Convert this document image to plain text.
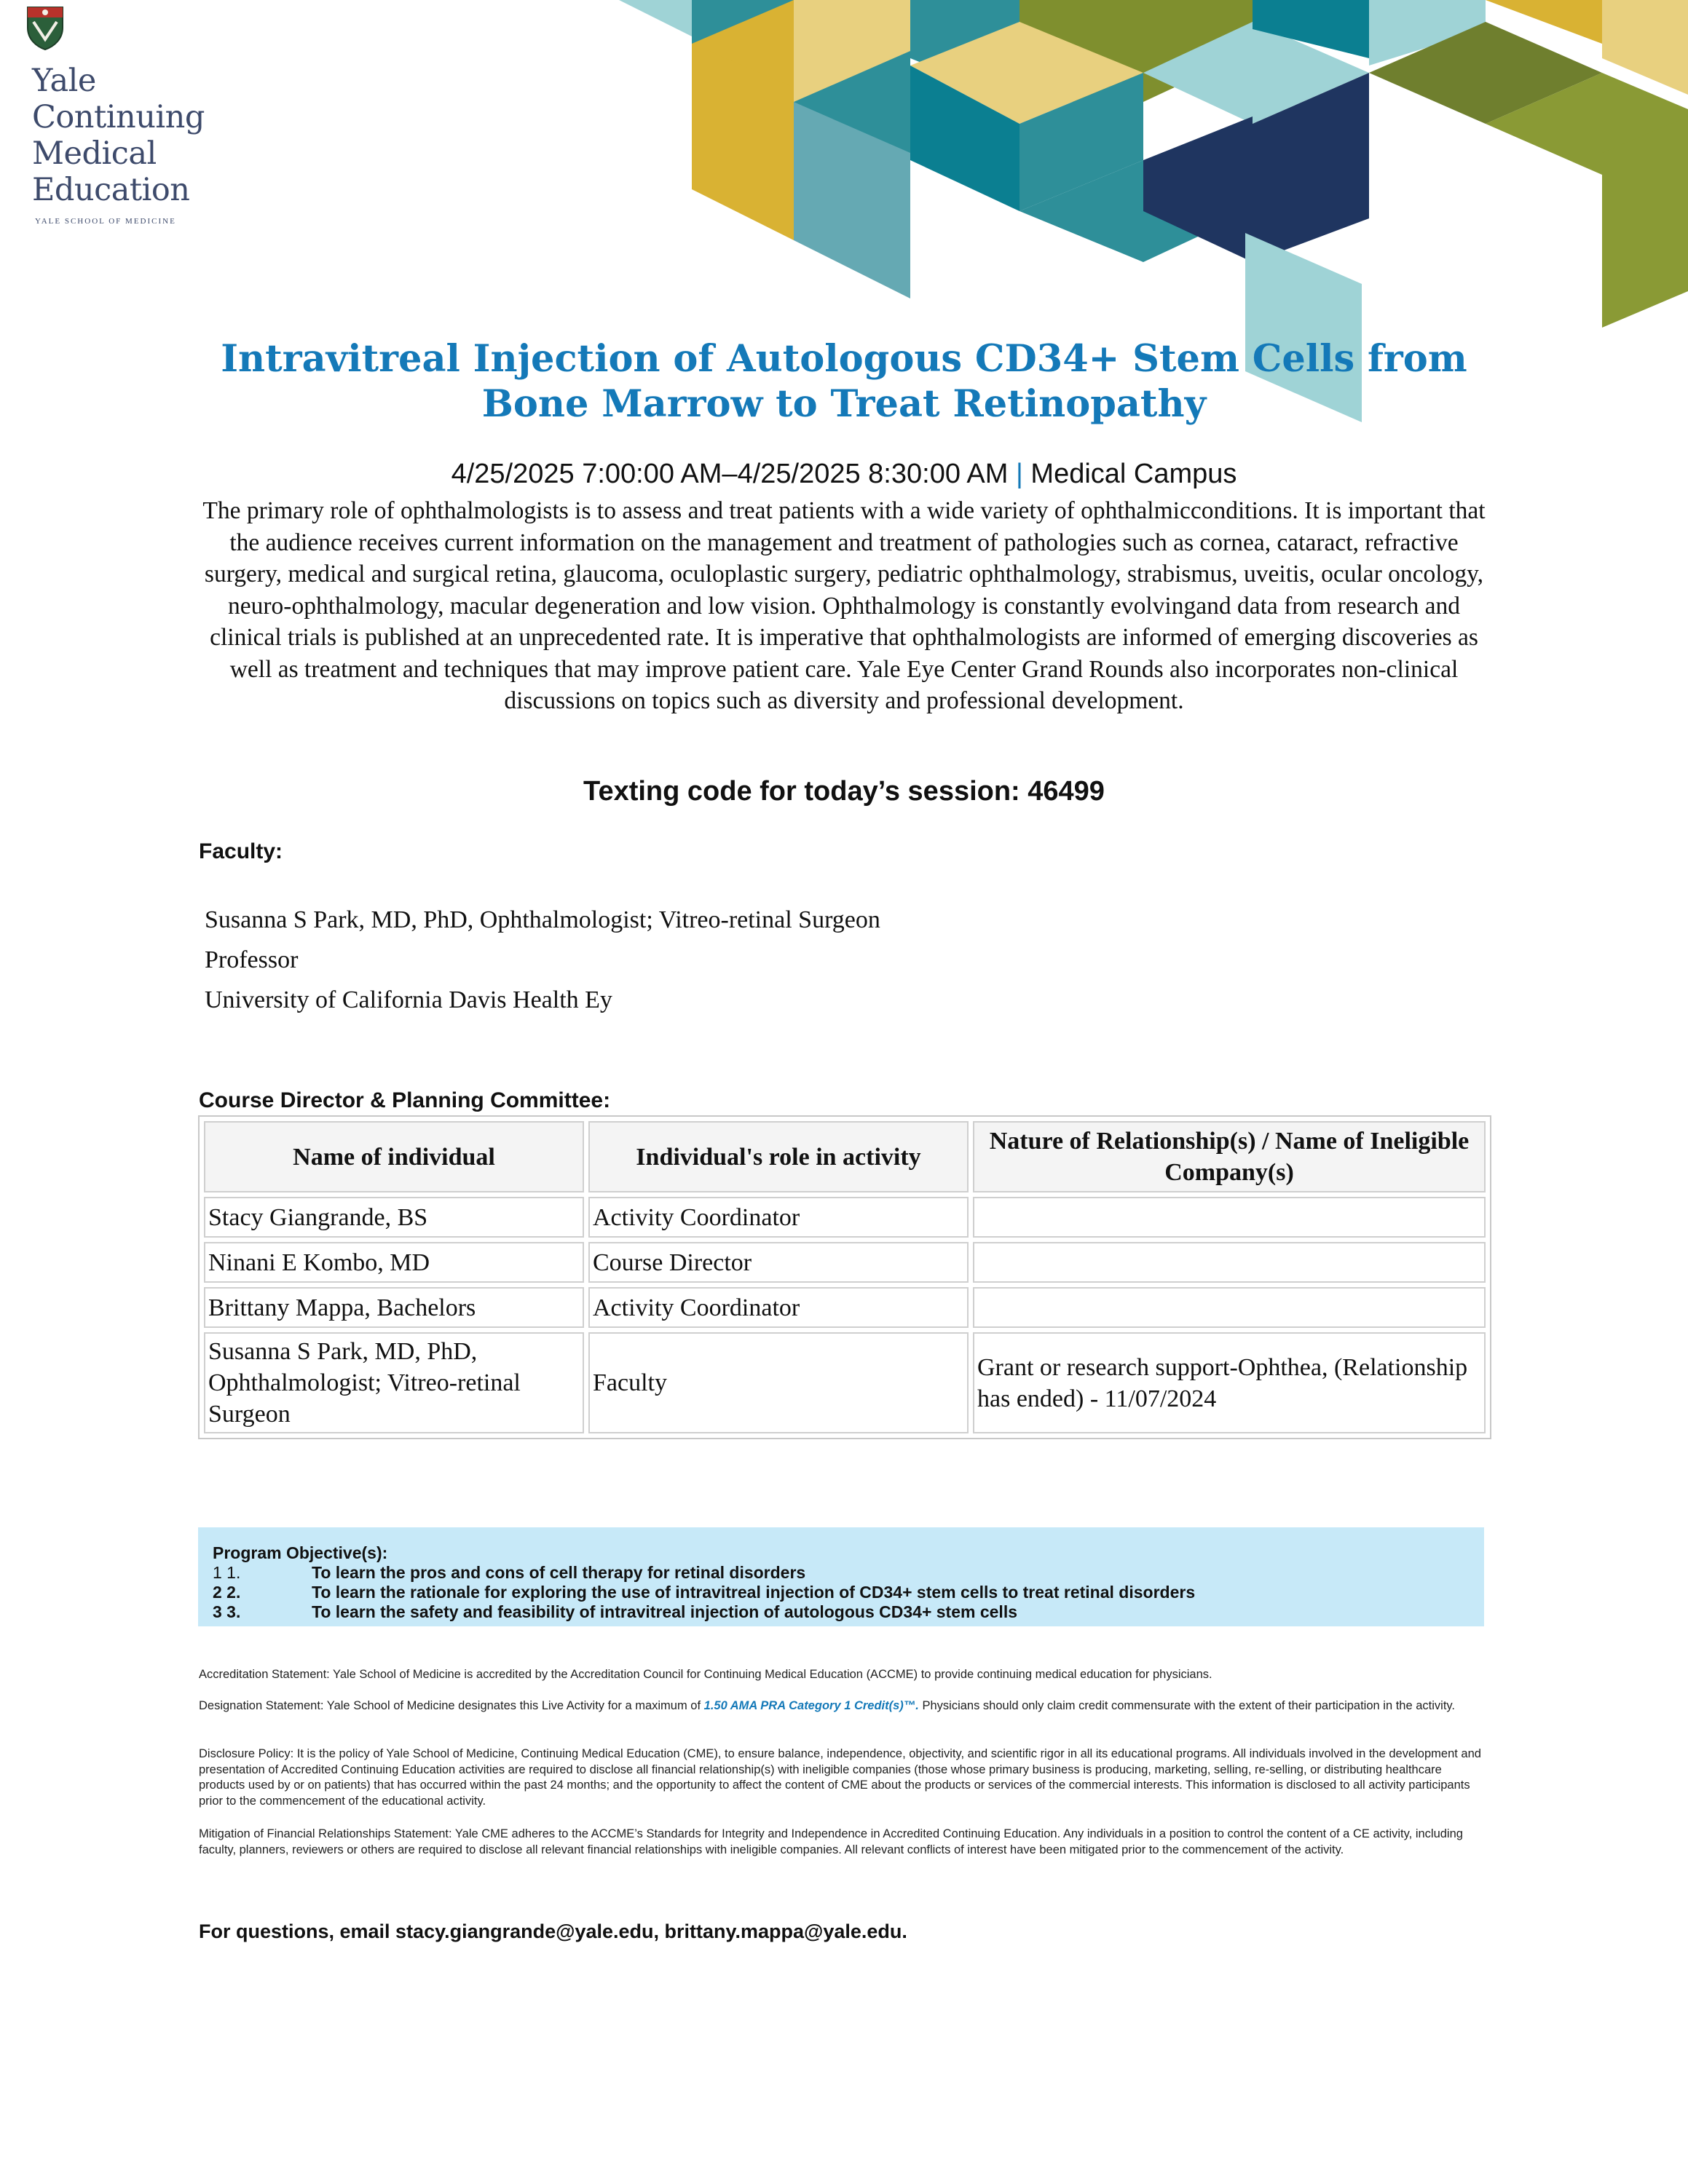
Yale
Continuing
Medical
Education
YALE SCHOOL OF MEDICINE
Intravitreal Injection of Autologous CD34+ Stem Cells from
Bone Marrow to Treat Retinopathy
4/25/2025 7:00:00 AM–4/25/2025 8:30:00 AM | Medical Campus
The primary role of ophthalmologists is to assess and treat patients with a wide variety of ophthalmicconditions. It is important that the audience receives current information on the management and treatment of pathologies such as cornea, cataract, refractive surgery, medical and surgical retina, glaucoma, oculoplastic surgery, pediatric ophthalmology, strabismus, uveitis, ocular oncology, neuro-ophthalmology, macular degeneration and low vision. Ophthalmology is constantly evolvingand data from research and clinical trials is published at an unprecedented rate. It is imperative that ophthalmologists are informed of emerging discoveries as well as treatment and techniques that may improve patient care. Yale Eye Center Grand Rounds also incorporates non-clinical discussions on topics such as diversity and professional development.
Texting code for today’s session: 46499
Faculty:
Susanna S Park, MD, PhD, Ophthalmologist; Vitreo-retinal Surgeon
Professor
University of California Davis Health Ey
Course Director & Planning Committee:
Name of individual	Individual's role in activity	Nature of Relationship(s) / Name of Ineligible Company(s)
Stacy Giangrande, BS	Activity Coordinator	
Ninani E Kombo, MD	Course Director	
Brittany Mappa, Bachelors	Activity Coordinator	
Susanna S Park, MD, PhD, Ophthalmologist; Vitreo-retinal Surgeon	Faculty	Grant or research support-Ophthea, (Relationship has ended) - 11/07/2024
Program Objective(s):
1 1.	To learn the pros and cons of cell therapy for retinal disorders
2 2.	To learn the rationale for exploring the use of intravitreal injection of CD34+ stem cells to treat retinal disorders
3 3.	To learn the safety and feasibility of intravitreal injection of autologous CD34+ stem cells
Accreditation Statement: Yale School of Medicine is accredited by the Accreditation Council for Continuing Medical Education (ACCME) to provide continuing medical education for physicians.
Designation Statement: Yale School of Medicine designates this Live Activity for a maximum of 1.50 AMA PRA Category 1 Credit(s)™. Physicians should only claim credit commensurate with the extent of their participation in the activity.
Disclosure Policy: It is the policy of Yale School of Medicine, Continuing Medical Education (CME), to ensure balance, independence, objectivity, and scientific rigor in all its educational programs. All individuals involved in the development and presentation of Accredited Continuing Education activities are required to disclose all financial relationship(s) with ineligible companies (those whose primary business is producing, marketing, selling, re-selling, or distributing healthcare products used by or on patients) that has occurred within the past 24 months; and the opportunity to affect the content of CME about the products or services of the commercial interests. This information is disclosed to all activity participants prior to the commencement of the educational activity.
Mitigation of Financial Relationships Statement: Yale CME adheres to the ACCME’s Standards for Integrity and Independence in Accredited Continuing Education. Any individuals in a position to control the content of a CE activity, including faculty, planners, reviewers or others are required to disclose all relevant financial relationships with ineligible companies. All relevant conflicts of interest have been mitigated prior to the commencement of the activity.
For questions, email stacy.giangrande@yale.edu, brittany.mappa@yale.edu.
